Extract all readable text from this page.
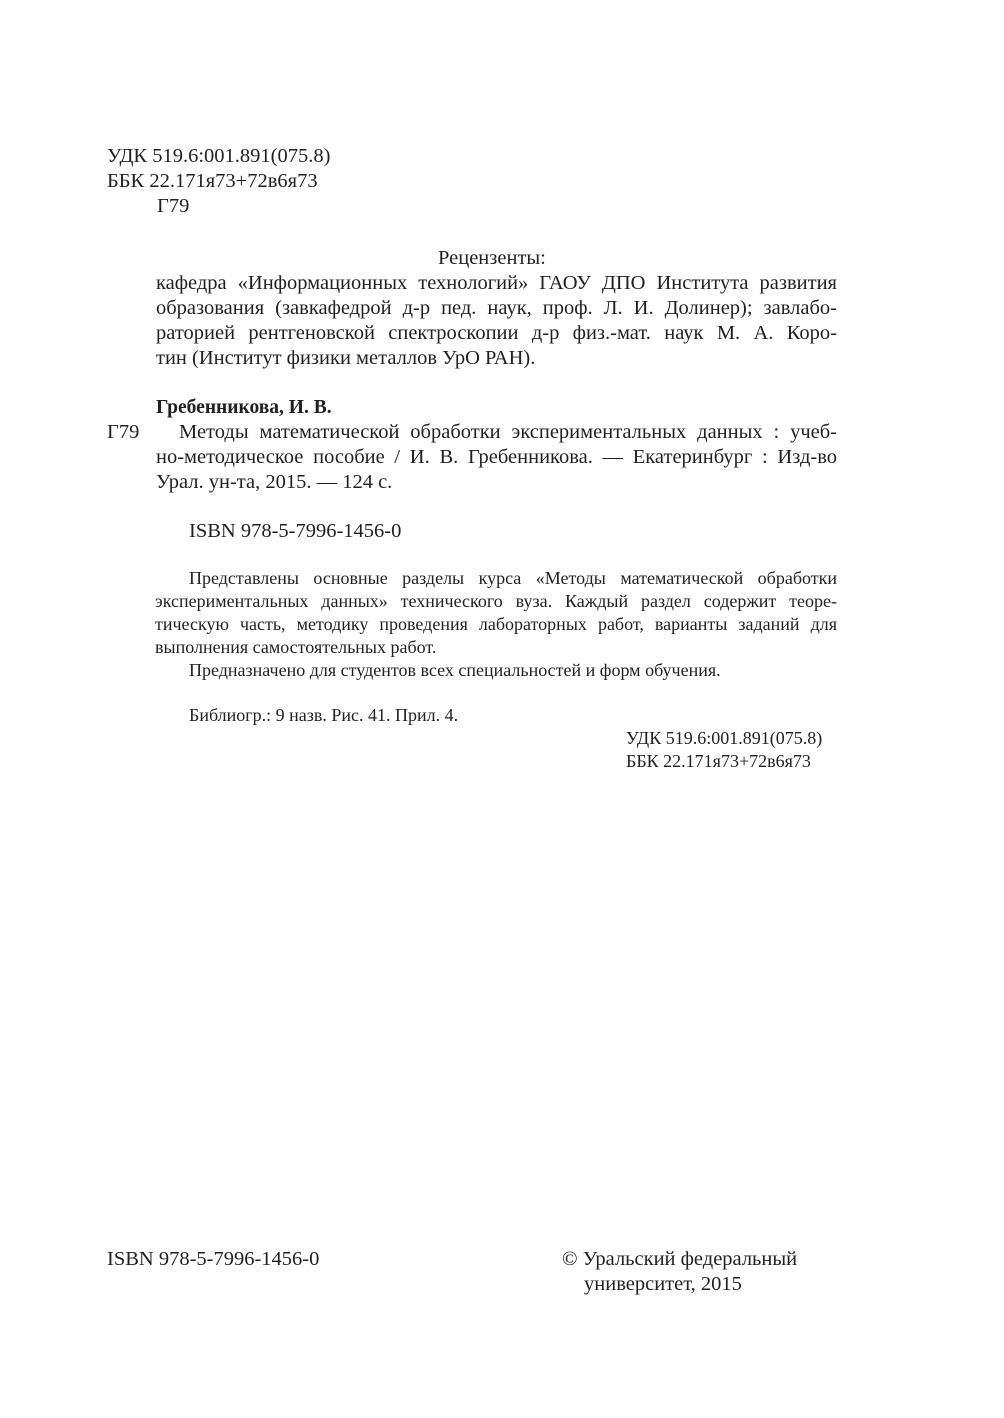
УДК 519.6:001.891(075.8)
ББК 22.171я73+72в6я73
Г79
Рецензенты:
кафедра «Информационных технологий» ГАОУ ДПО Института развития
образования (завкафедрой д-р пед. наук, проф. Л. И. Долинер); завлабо-
раторией рентгеновской спектроскопии д-р физ.-мат. наук М. А. Коро-
тин (Институт физики металлов УрО РАН).
Гребенникова, И. В.
Г79 Методы математической обработки экспериментальных данных : учеб-
но-методическое пособие / И. В. Гребенникова. — Екатеринбург : Изд-во
Урал. ун-та, 2015. — 124 с.
ISBN 978-5-7996-1456-0
Представлены основные разделы курса «Методы математической обработки
экспериментальных данных» технического вуза. Каждый раздел содержит теоре-
тическую часть, методику проведения лабораторных работ, варианты заданий для
выполнения самостоятельных работ.
Предназначено для студентов всех специальностей и форм обучения.
Библиогр.: 9 назв. Рис. 41. Прил. 4.
УДК 519.6:001.891(075.8)
ББК 22.171я73+72в6я73
ISBN 978-5-7996-1456-0	© Уральский федеральный
университет, 2015
